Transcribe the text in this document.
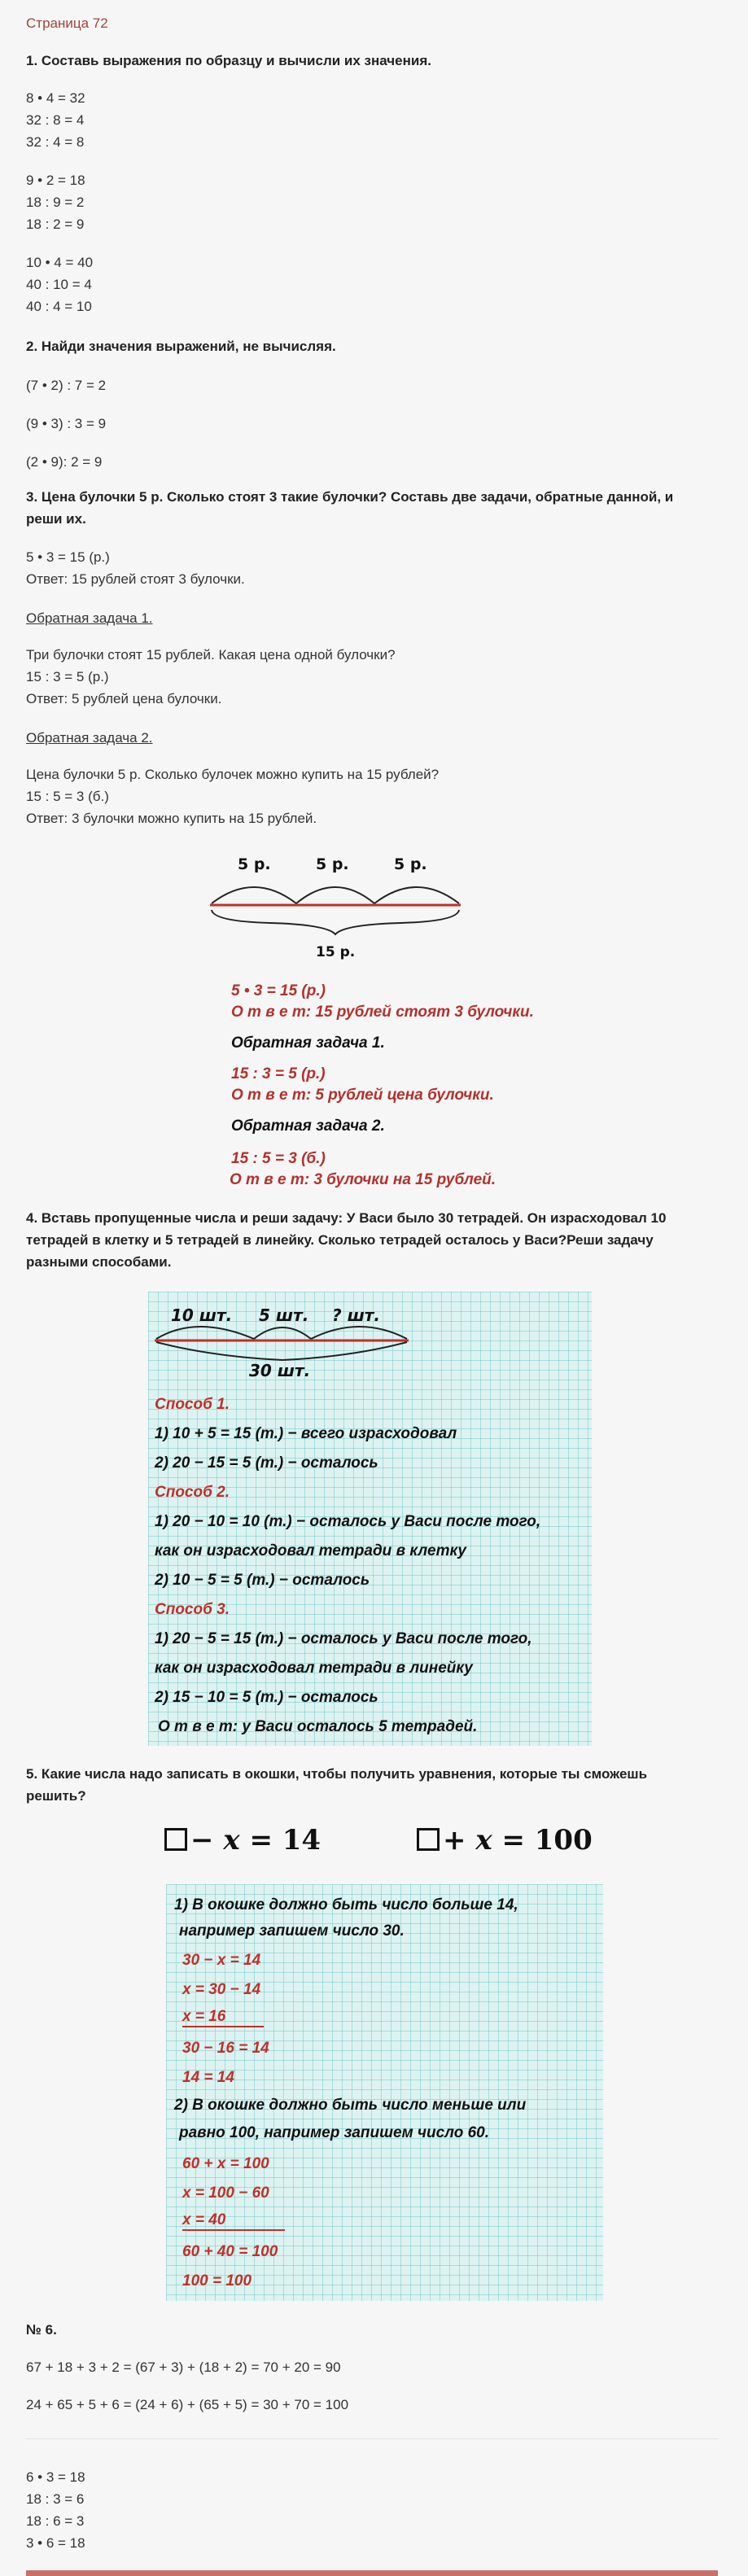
Страница 72
1. Составь выражения по образцу и вычисли их значения.
8 • 4 = 32
32 : 8 = 4
32 : 4 = 8
9 • 2 = 18
18 : 9 = 2
18 : 2 = 9
10 • 4 = 40
40 : 10 = 4
40 : 4 = 10
2. Найди значения выражений, не вычисляя.
(7 • 2) : 7 = 2
(9 • 3) : 3 = 9
(2 • 9): 2 = 9
3. Цена булочки 5 р. Сколько стоят 3 такие булочки? Составь две задачи, обратные данной, и
реши их.
5 • 3 = 15 (р.)
Ответ: 15 рублей стоят 3 булочки.
Обратная задача 1.
Три булочки стоят 15 рублей. Какая цена одной булочки?
15 : 3 = 5 (р.)
Ответ: 5 рублей цена булочки.
Обратная задача 2.
Цена булочки 5 р. Сколько булочек можно купить на 15 рублей?
15 : 5 = 3 (б.)
Ответ: 3 булочки можно купить на 15 рублей.
5 р.	5 р.	5 р.
15 р.
5 • 3 = 15 (р.)
О т в е т: 15 рублей стоят 3 булочки.
Обратная задача 1.
15 : 3 = 5 (р.)
О т в е т: 5 рублей цена булочки.
Обратная задача 2.
15 : 5 = 3 (б.)
О т в е т: 3 булочки на 15 рублей.
4. Вставь пропущенные числа и реши задачу: У Васи было 30 тетрадей. Он израсходовал 10
тетрадей в клетку и 5 тетрадей в линейку. Сколько тетрадей осталось у Васи?Реши задачу
разными способами.
10 шт. 5 шт. ? шт.
30 шт.
Способ 1.
1) 10 + 5 = 15 (т.) − всего израсходовал
2) 20 − 15 = 5 (т.) − осталось
Способ 2.
1) 20 − 10 = 10 (т.) − осталось у Васи после того,
как он израсходовал тетради в клетку
2) 10 − 5 = 5 (т.) − осталось
Способ 3.
1) 20 − 5 = 15 (т.) − осталось у Васи после того,
как он израсходовал тетради в линейку
2) 15 − 10 = 5 (т.) − осталось
О т в е т: у Васи осталось 5 тетрадей.
5. Какие числа надо записать в окошки, чтобы получить уравнения, которые ты сможешь
решить?
− x = 14	+ x = 100
1) В окошке должно быть число больше 14,
например запишем число 30.
30 − x = 14
x = 30 − 14
x = 16
30 − 16 = 14
14 = 14
2) В окошке должно быть число меньше или
равно 100, например запишем число 60.
60 + x = 100
x = 100 − 60
x = 40
60 + 40 = 100
100 = 100
№ 6.
67 + 18 + 3 + 2 = (67 + 3) + (18 + 2) = 70 + 20 = 90
24 + 65 + 5 + 6 = (24 + 6) + (65 + 5) = 30 + 70 = 100
6 • 3 = 18
18 : 3 = 6
18 : 6 = 3
3 • 6 = 18
